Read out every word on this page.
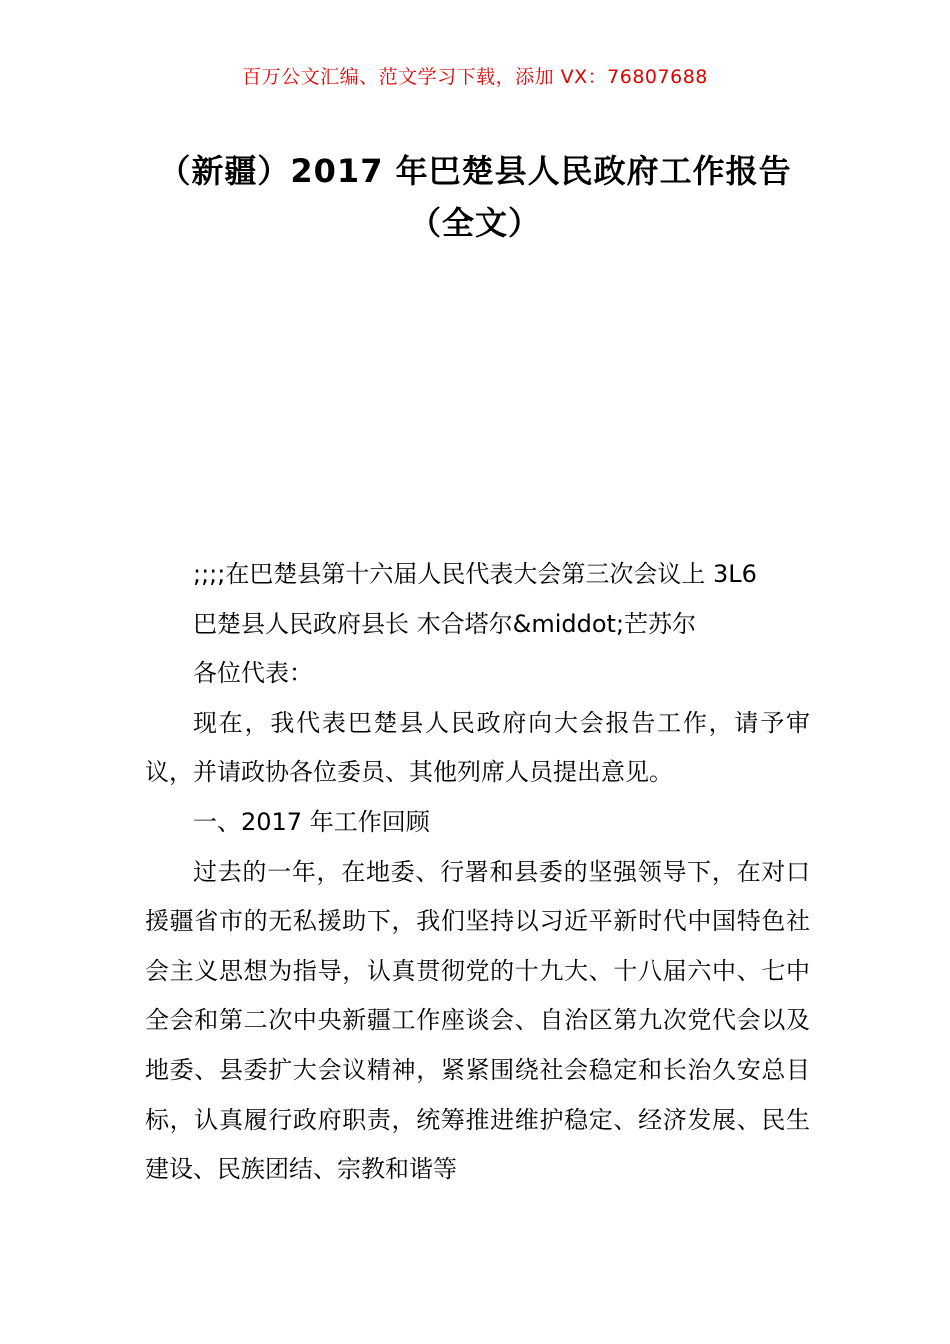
百万公文汇编、范文学习下载，添加 VX：76807688
（新疆）2017 年巴楚县人民政府工作报告
（全文）

;;;;在巴楚县第十六届人民代表大会第三次会议上 3L6

巴楚县人民政府县长 木合塔尔&middot;芒苏尔

各位代表：

现在，我代表巴楚县人民政府向大会报告工作，请予审议，并请政协各位委员、其他列席人员提出意见。

一、2017 年工作回顾

过去的一年，在地委、行署和县委的坚强领导下，在对口援疆省市的无私援助下，我们坚持以习近平新时代中国特色社会主义思想为指导，认真贯彻党的十九大、十八届六中、七中全会和第二次中央新疆工作座谈会、自治区第九次党代会以及地委、县委扩大会议精神，紧紧围绕社会稳定和长治久安总目标，认真履行政府职责，统筹推进维护稳定、经济发展、民生建设、民族团结、宗教和谐等
